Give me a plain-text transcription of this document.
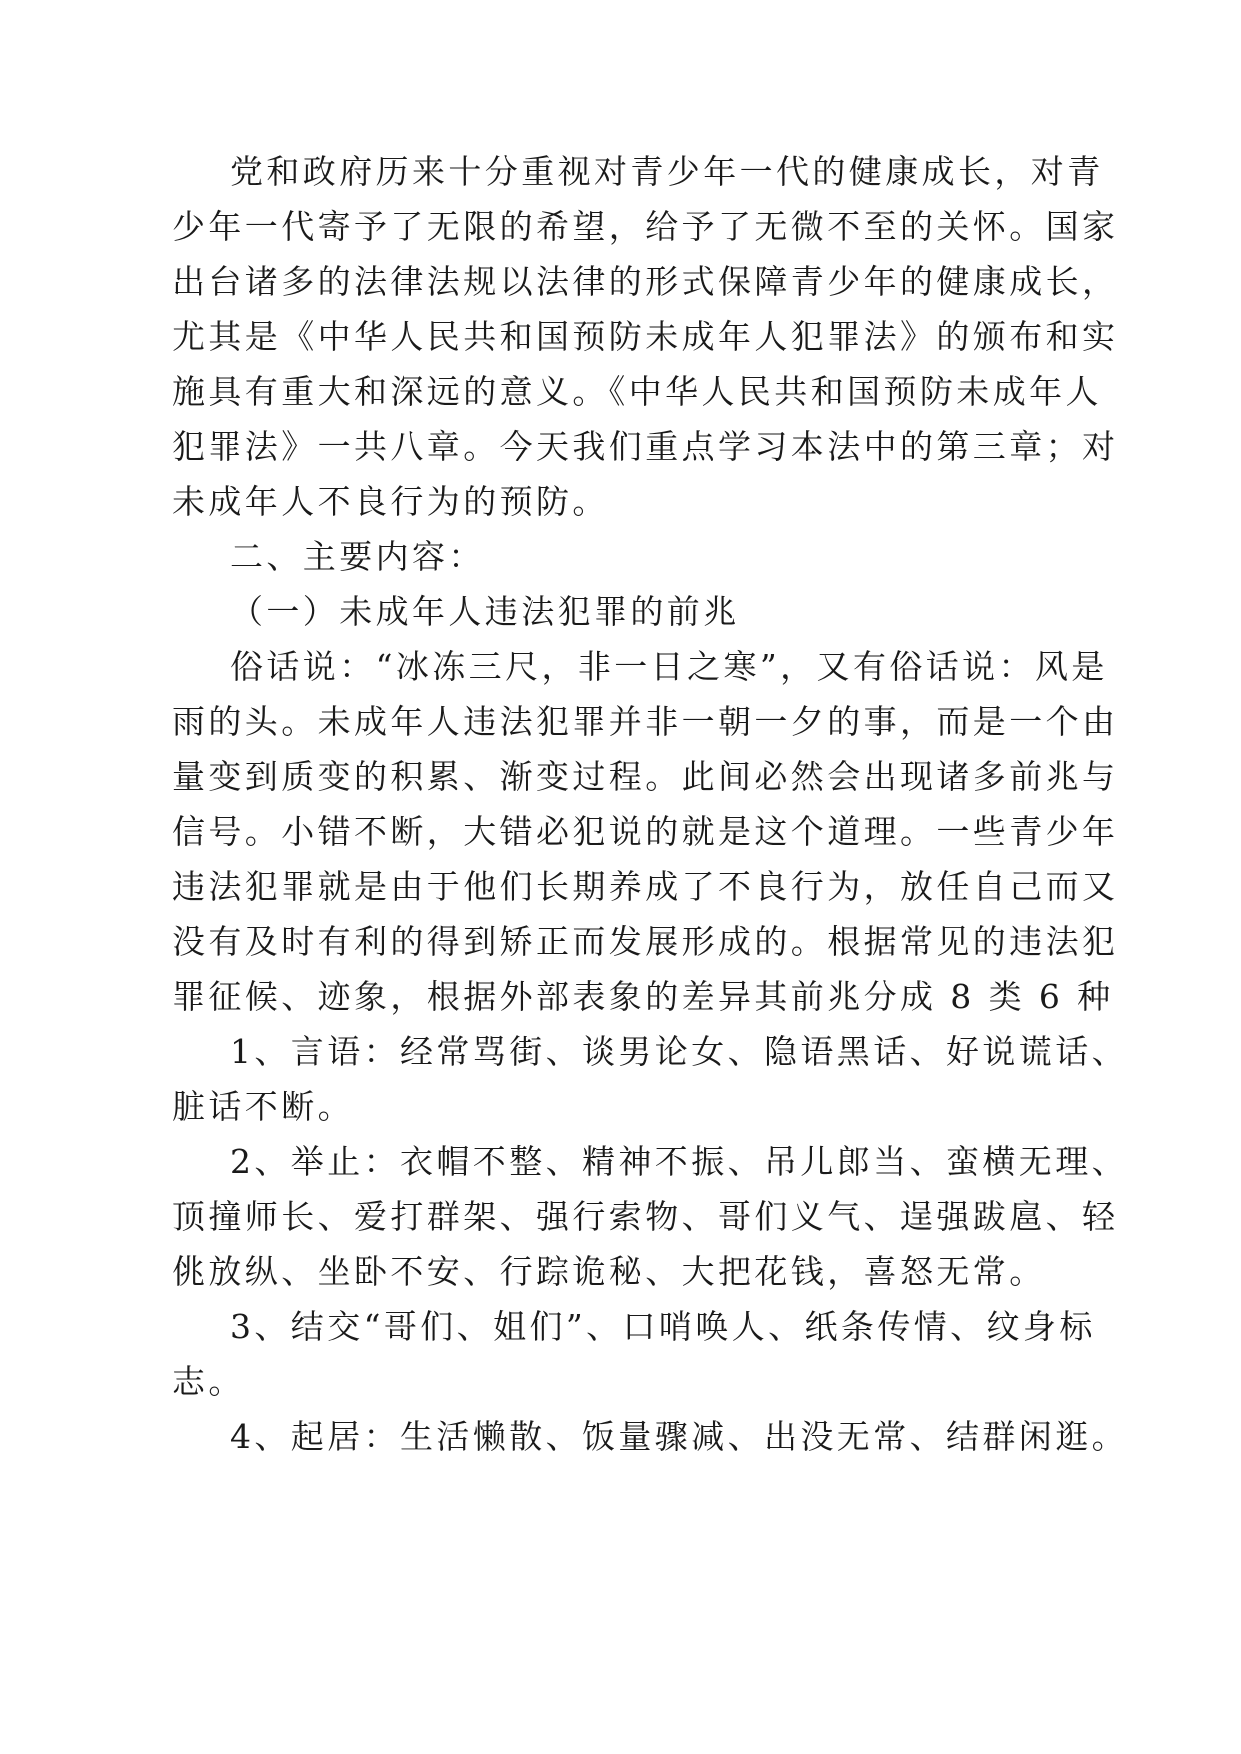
党和政府历来十分重视对青少年一代的健康成长，对青
少年一代寄予了无限的希望，给予了无微不至的关怀。国家
出台诸多的法律法规以法律的形式保障青少年的健康成长，
尤其是《中华人民共和国预防未成年人犯罪法》的颁布和实
施具有重大和深远的意义。《中华人民共和国预防未成年人
犯罪法》一共八章。今天我们重点学习本法中的第三章；对
未成年人不良行为的预防。
二、主要内容：
（一）未成年人违法犯罪的前兆
俗话说：“冰冻三尺，非一日之寒”，又有俗话说：风是
雨的头。未成年人违法犯罪并非一朝一夕的事，而是一个由
量变到质变的积累、渐变过程。此间必然会出现诸多前兆与
信号。小错不断，大错必犯说的就是这个道理。一些青少年
违法犯罪就是由于他们长期养成了不良行为，放任自己而又
没有及时有利的得到矫正而发展形成的。根据常见的违法犯
罪征候、迹象，根据外部表象的差异其前兆分成 8 类 6 种
1、言语：经常骂街、谈男论女、隐语黑话、好说谎话、
脏话不断。
2、举止：衣帽不整、精神不振、吊儿郎当、蛮横无理、
顶撞师长、爱打群架、强行索物、哥们义气、逞强跋扈、轻
佻放纵、坐卧不安、行踪诡秘、大把花钱，喜怒无常。
3、结交“哥们、姐们”、口哨唤人、纸条传情、纹身标
志。
4、起居：生活懒散、饭量骤减、出没无常、结群闲逛。
